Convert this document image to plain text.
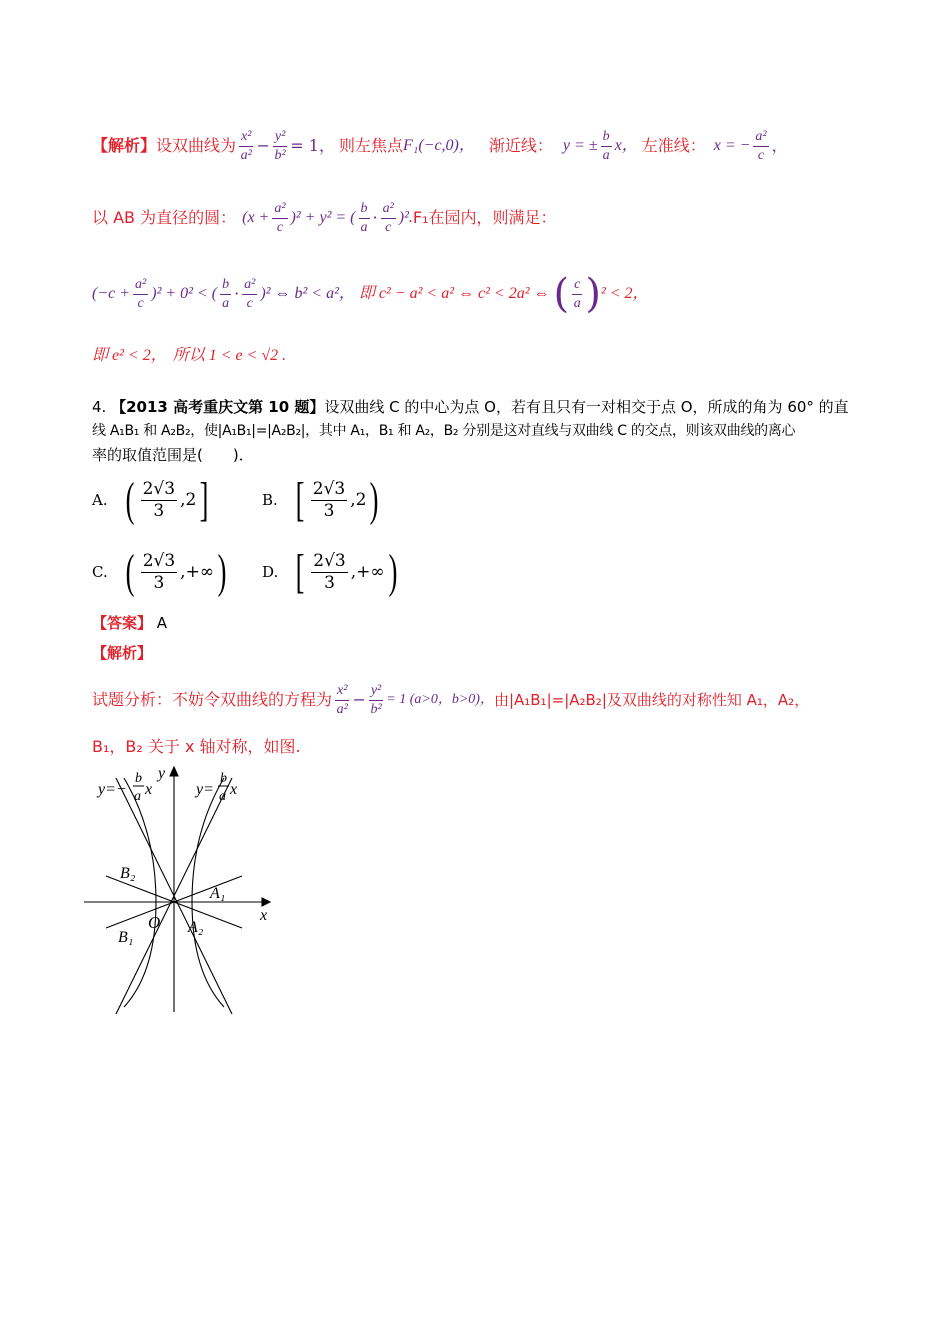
【解析】 设双曲线为 $\frac{\text{x²}}{\text{a²}} - \frac{\text{y²}}{\text{b²}} = 1$， 则左焦点 F₁(−c,0)， 渐近线： y = ± $\frac{b}{a}$ x， 左准线： x = − $\frac{\text{a²}}{c}$ ，
以 AB 为直径的圆： $(x + \frac{\text{a²}}{c} )^2 + y^2$ = ( $\frac{b}{a} \cdot \frac{\text{a²}}{c} )^2$. F₁在园内，则满足：
$(-c + \frac{\text{a²}}{c} )^2 + 0^2$ < ( $\frac{b}{a} \cdot \frac{\text{a²}}{c} )^2$ ⇔ b² < a²， 即 c² − a² < a² ⇔ c² < 2a² ⇔ ( $\frac{c}{a}$ ) ² < 2，
即 e² < 2， 所以 1 < e < √2 .
4. 【2013 高考重庆文第 10 题】设双曲线 C 的中心为点 O，若有且只有一对相交于点 O，所成的角为 60° 的直
线 A₁B₁ 和 A₂B₂，使|A₁B₁|=|A₂B₂|，其中 A₁，B₁ 和 A₂，B₂ 分别是这对直线与双曲线 C 的交点，则该双曲线的离心
率的取值范围是(　　)．
A. ( $\frac{2√3}{3} ,2$ ]	B. [ $\frac{2√3}{3} ,2$ )
C. ( $\frac{2√3}{3}$ ,+∞ ) D. [ $\frac{2√3}{3}$ ,+∞ )
【答案】 A
【解析】
试题分析：不妨令双曲线的方程为 $\frac{\text{x²}}{\text{a²}} - \frac{\text{y²}}{\text{b²}} = 1$ (a>0，b>0)， 由|A₁B₁|=|A₂B₂|及双曲线的对称性知 A₁，A₂，
B₁，B₂ 关于 x 轴对称，如图.
y=−
b
a x
y
y=
b
a x
x
O
A₁
A₂
B₂
B₁
